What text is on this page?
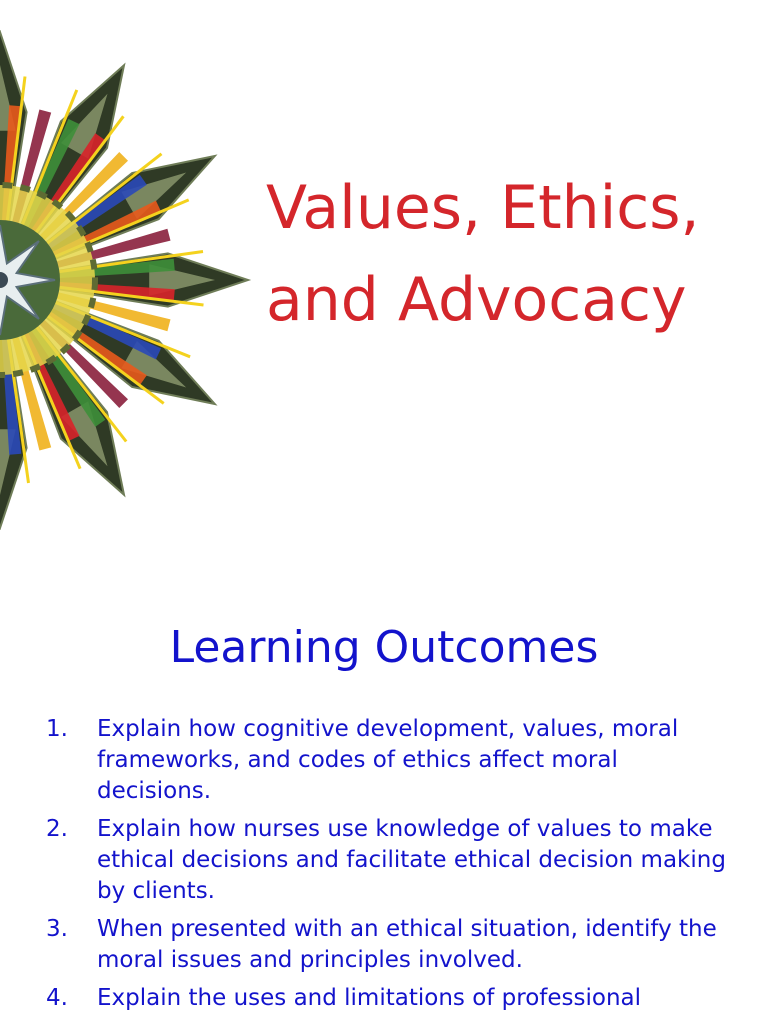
Values, Ethics,
and Advocacy
Learning Outcomes
1.	Explain how cognitive development, values, moral frameworks, and codes of ethics affect moral decisions.
2.	Explain how nurses use knowledge of values to make ethical decisions and facilitate ethical decision making by clients.
3.	When presented with an ethical situation, identify the moral issues and principles involved.
4.	Explain the uses and limitations of professional
